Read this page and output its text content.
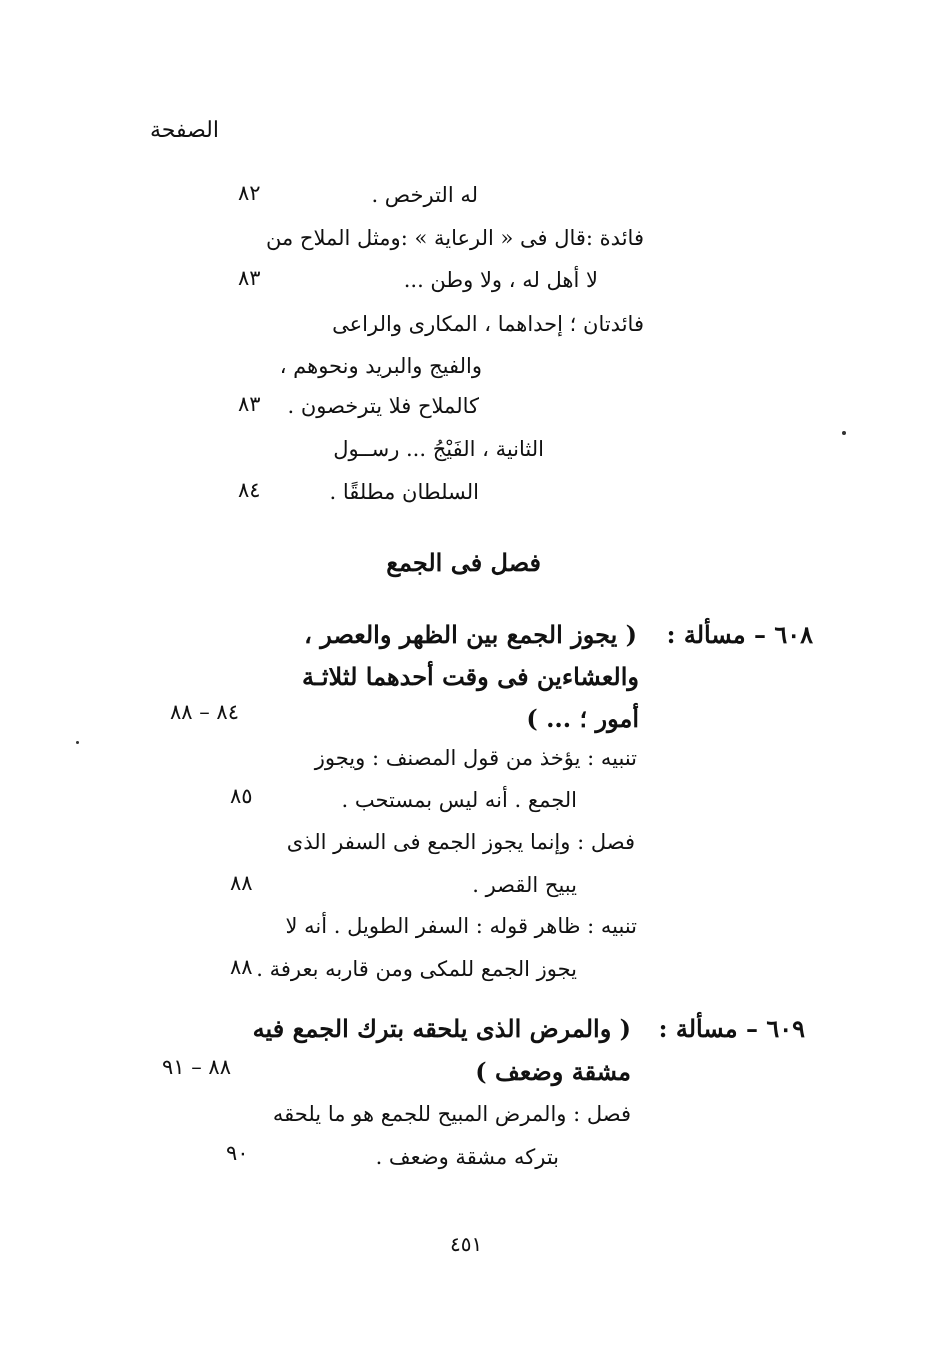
الصفحة
له الترخص .
٨٢
فائدة :قال فى « الرعاية » :ومثل الملاح من
لا أهل له ، ولا وطن ...
٨٣
فائدتان ؛ إحداهما ، المكارى والراعى
والفيج والبريد ونحوهم ،
كالملاح فلا يترخصون .
٨٣
الثانية ، الفَيْجُ ... رســول
السلطان مطلقًا .
٨٤
فصل فى الجمع
٦٠٨ – مسألة :
( يجوز الجمع بين الظهر والعصر ،
والعشاءين فى وقت أحدهما لثلاثـة
أمور ؛ ... )
٨٤ – ٨٨
تنبيه : يؤخذ من قول المصنف : ويجوز
الجمع . أنه ليس بمستحب .
٨٥
فصل : وإنما يجوز الجمع فى السفر الذى
يبيح القصر .
٨٨
تنبيه : ظاهر قوله : السفر الطويل . أنه لا
يجوز الجمع للمكى ومن قاربه بعرفة .
٨٨
٦٠٩ – مسألة :
( والمرض الذى يلحقه بترك الجمع فيه
مشقة وضعف )
٨٨ – ٩١
فصل : والمرض المبيح للجمع هو ما يلحقه
بتركه مشقة وضعف .
٩٠
٤٥١
